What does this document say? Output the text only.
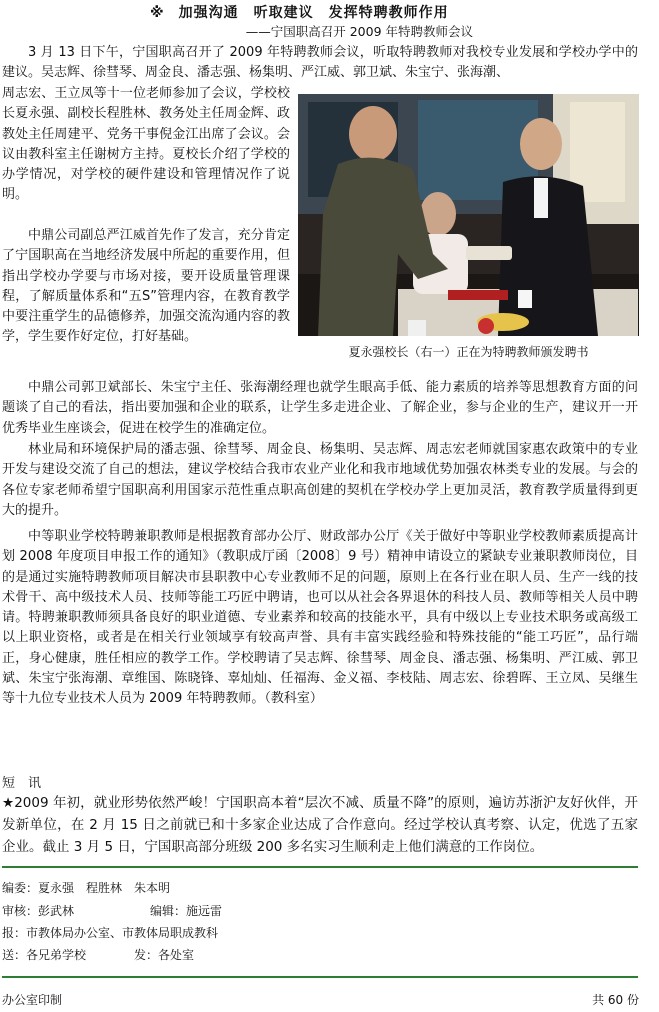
※ 加强沟通　听取建议　发挥特聘教师作用
——宁国职高召开 2009 年特聘教师会议

3 月 13 日下午，宁国职高召开了 2009 年特聘教师会议，听取特聘教师对我校专业发展和学校办学中的建议。吴志辉、徐彗琴、周金良、潘志强、杨集明、严江威、郭卫斌、朱宝宁、张海潮、

周志宏、王立凤等十一位老师参加了会议，学校校长夏永强、副校长程胜林、教务处主任周金辉、政教处主任周建平、党务干事倪金江出席了会议。会议由教科室主任谢树方主持。夏校长介绍了学校的办学情况，对学校的硬件建设和管理情况作了说明。

中鼎公司副总严江威首先作了发言，充分肯定了宁国职高在当地经济发展中所起的重要作用，但指出学校办学要与市场对接，要开设质量管理课程，了解质量体系和“五S”管理内容，在教育教学中要注重学生的品德修养，加强交流沟通内容的教学，学生要作好定位，打好基础。

夏永强校长（右一）正在为特聘教师颁发聘书

中鼎公司郭卫斌部长、朱宝宁主任、张海潮经理也就学生眼高手低、能力素质的培养等思想教育方面的问题谈了自己的看法，指出要加强和企业的联系，让学生多走进企业、了解企业，参与企业的生产，建议开一开优秀毕业生座谈会，促进在校学生的准确定位。

林业局和环境保护局的潘志强、徐彗琴、周金良、杨集明、吴志辉、周志宏老师就国家惠农政策中的专业开发与建设交流了自己的想法，建议学校结合我市农业产业化和我市地域优势加强农林类专业的发展。与会的各位专家老师希望宁国职高利用国家示范性重点职高创建的契机在学校办学上更加灵活，教育教学质量得到更大的提升。

中等职业学校特聘兼职教师是根据教育部办公厅、财政部办公厅《关于做好中等职业学校教师素质提高计划 2008 年度项目申报工作的通知》（教职成厅函〔2008〕9 号）精神申请设立的紧缺专业兼职教师岗位，目的是通过实施特聘教师项目解决市县职教中心专业教师不足的问题，原则上在各行业在职人员、生产一线的技术骨干、高中级技术人员、技师等能工巧匠中聘请，也可以从社会各界退休的科技人员、教师等相关人员中聘请。特聘兼职教师须具备良好的职业道德、专业素养和较高的技能水平，具有中级以上专业技术职务或高级工以上职业资格，或者是在相关行业领域享有较高声誉、具有丰富实践经验和特殊技能的“能工巧匠”，品行端正，身心健康，胜任相应的教学工作。学校聘请了吴志辉、徐彗琴、周金良、潘志强、杨集明、严江威、郭卫斌、朱宝宁张海潮、章维国、陈晓锋、辜灿灿、任福海、金义福、李枝陆、周志宏、徐碧晖、王立凤、吴继生等十九位专业技术人员为 2009 年特聘教师。（教科室）

短　讯

★2009 年初，就业形势依然严峻！宁国职高本着“层次不减、质量不降”的原则，遍访苏浙沪友好伙伴，开发新单位，在 2 月 15 日之前就已和十多家企业达成了合作意向。经过学校认真考察、认定，优选了五家企业。截止 3 月 5 日，宁国职高部分班级 200 多名实习生顺利走上他们满意的工作岗位。

编委：夏永强　程胜林　朱本明
审核：彭武林	编辑：施远雷
报：市教体局办公室、市教体局职成教科
送：各兄弟学校	发：各处室
办公室印制	共 60 份
